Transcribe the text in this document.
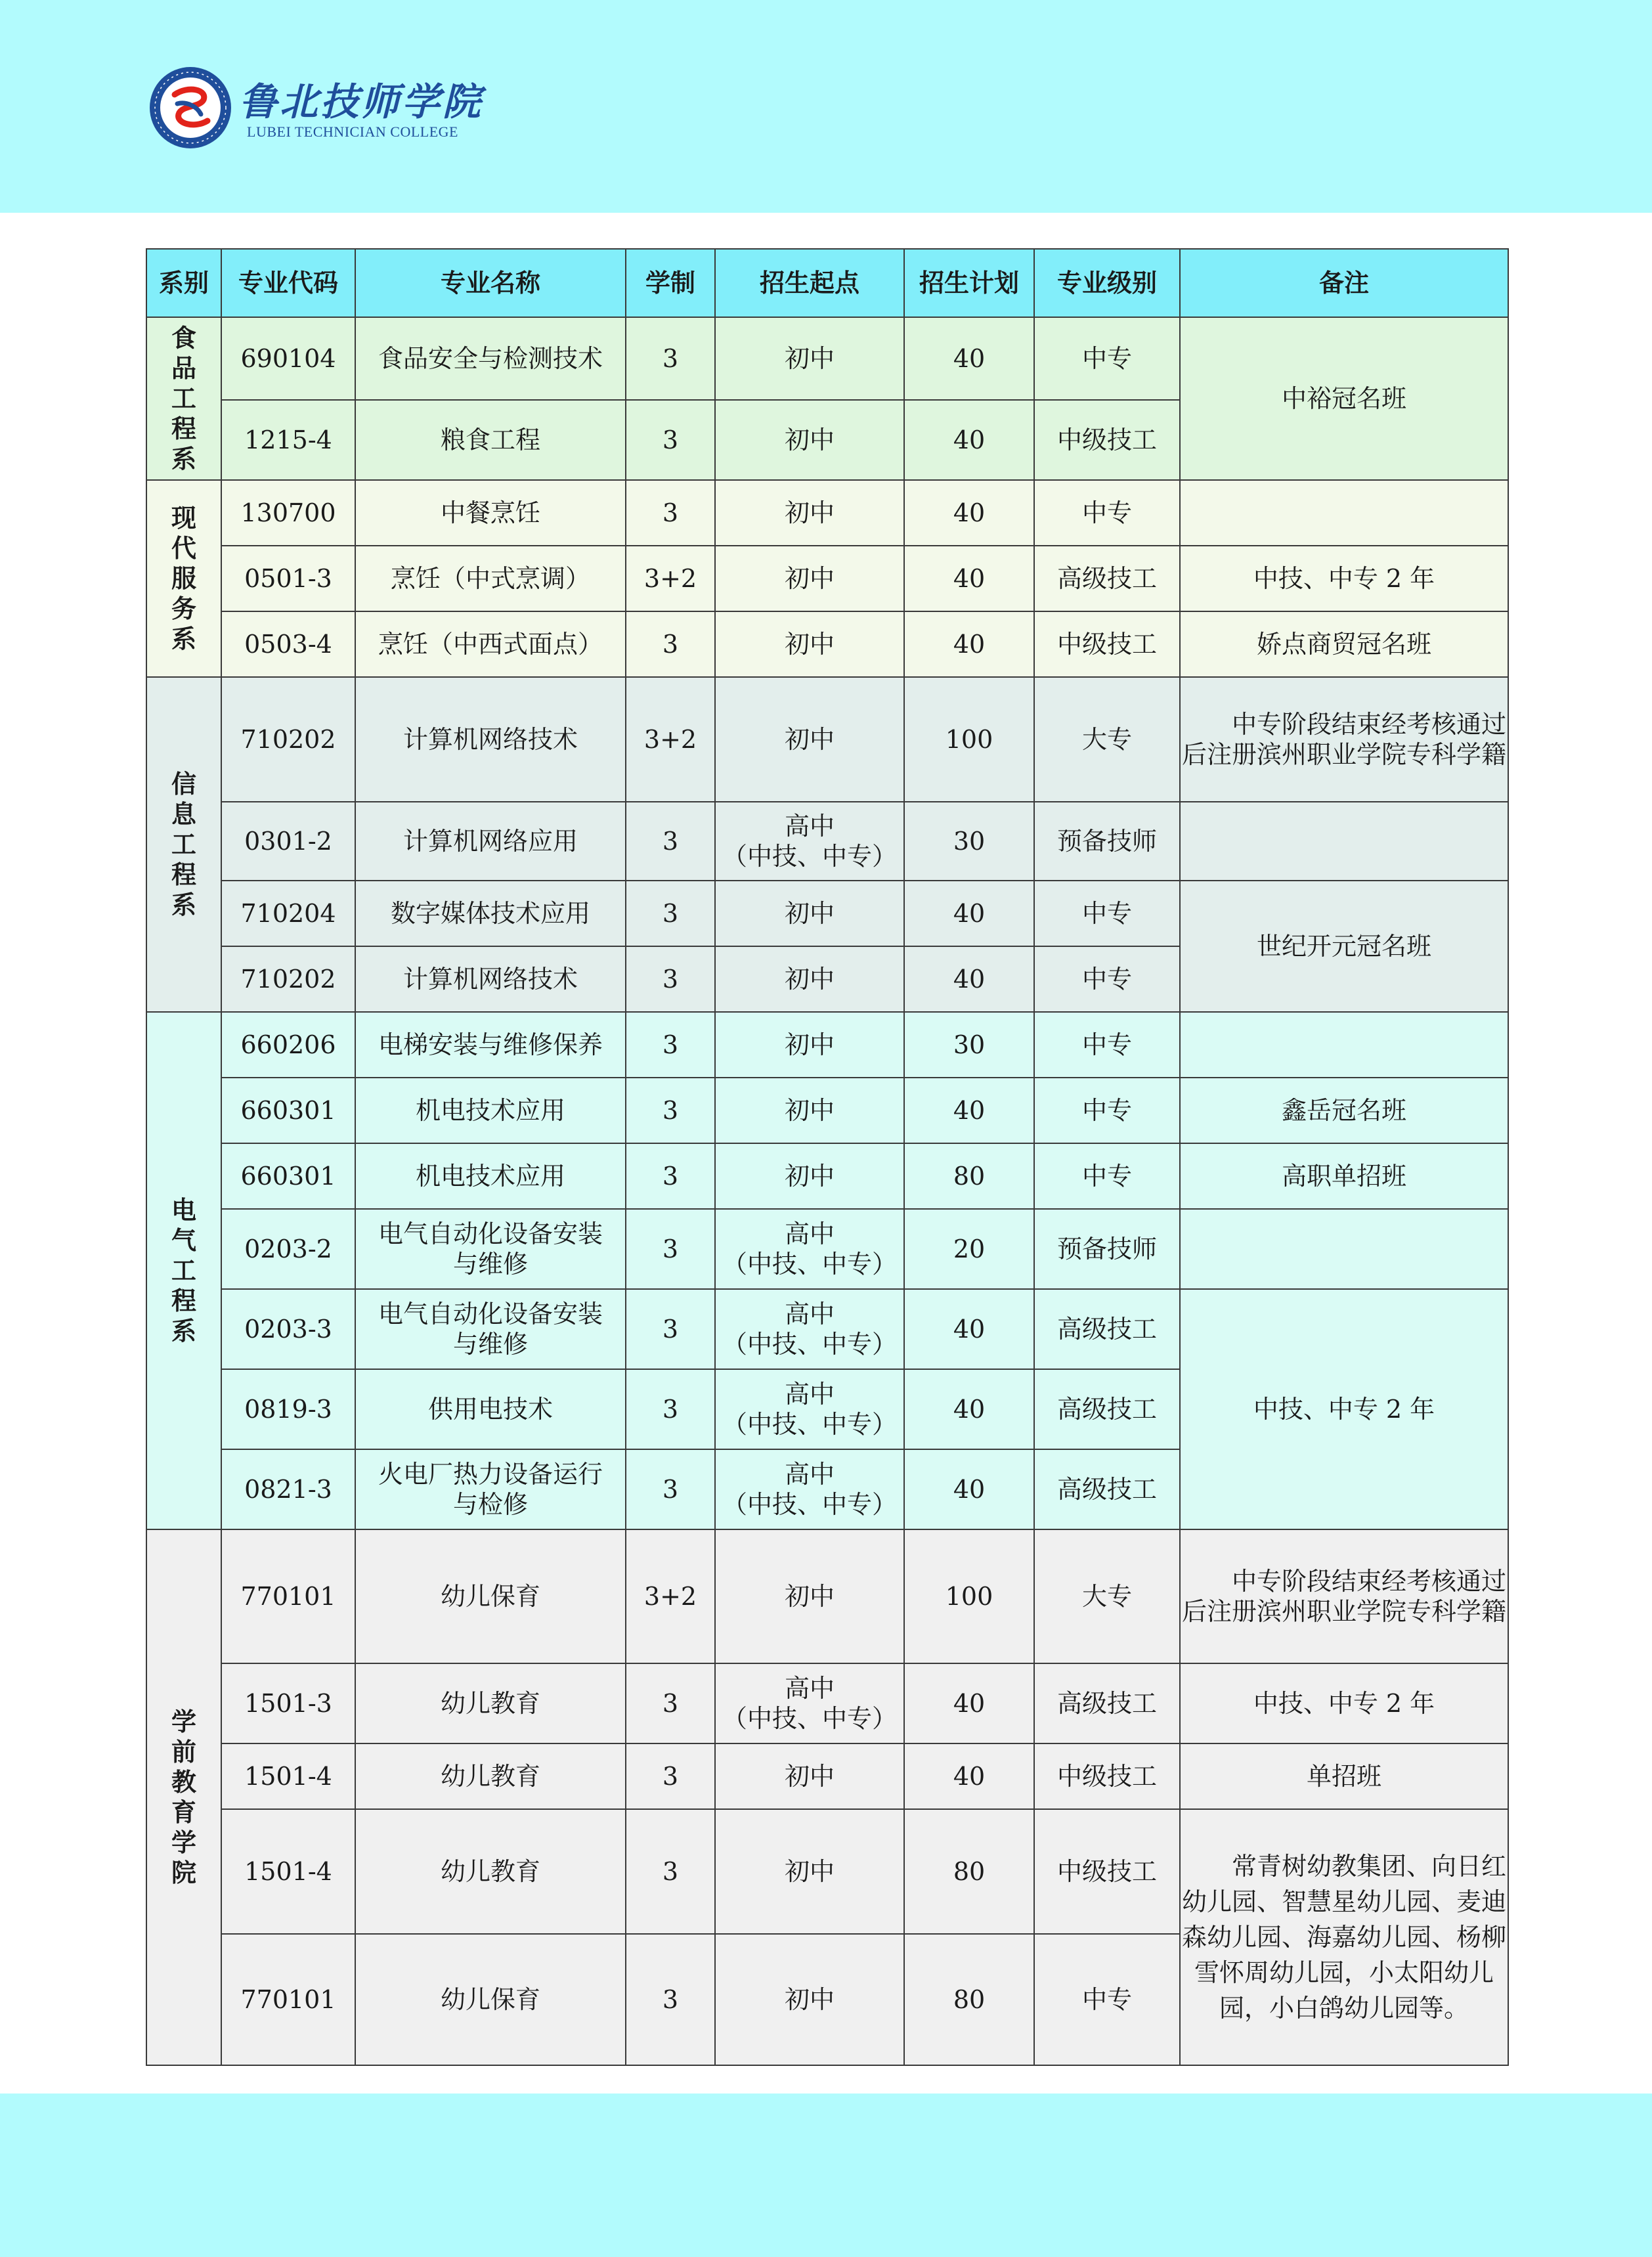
鲁北技师学院
LUBEI TECHNICIAN COLLEGE
系别	专业代码	专业名称	学制	招生起点	招生计划	专业级别	备注

食品工程系	690104	食品安全与检测技术	3	初中	40	中专	中裕冠名班
	1215-4	粮食工程	3	初中	40	中级技工	

现代服务系	130700	中餐烹饪	3	初中	40	中专	
	0501-3	烹饪（中式烹调）	3+2	初中	40	高级技工	中技、中专 2 年
	0503-4	烹饪（中西式面点）	3	初中	40	中级技工	娇点商贸冠名班

信息工程系	710202	计算机网络技术	3+2	初中	100	大专	中专阶段结束经考核通过后注册滨州职业学院专科学籍
	0301-2	计算机网络应用	3	高中
（中技、中专）	30	预备技师	
	710204	数字媒体技术应用	3	初中	40	中专	世纪开元冠名班
	710202	计算机网络技术	3	初中	40	中专	

电气工程系	660206	电梯安装与维修保养	3	初中	30	中专	
	660301	机电技术应用	3	初中	40	中专	鑫岳冠名班
	660301	机电技术应用	3	初中	80	中专	高职单招班
	0203-2	电气自动化设备安装
与维修	3	高中
（中技、中专）	20	预备技师	
	0203-3	电气自动化设备安装
与维修	3	高中
（中技、中专）	40	高级技工	中技、中专 2 年
	0819-3	供用电技术	3	高中
（中技、中专）	40	高级技工	
	0821-3	火电厂热力设备运行
与检修	3	高中
（中技、中专）	40	高级技工	

学前教育学院	770101	幼儿保育	3+2	初中	100	大专	中专阶段结束经考核通过后注册滨州职业学院专科学籍
	1501-3	幼儿教育	3	高中
（中技、中专）	40	高级技工	中技、中专 2 年
	1501-4	幼儿教育	3	初中	40	中级技工	单招班
	1501-4	幼儿教育	3	初中	80	中级技工	常青树幼教集团、向日红幼儿园、智慧星幼儿园、麦迪森幼儿园、海嘉幼儿园、杨柳雪怀周幼儿园，小太阳幼儿园，小白鸽幼儿园等。
	770101	幼儿保育	3	初中	80	中专	
